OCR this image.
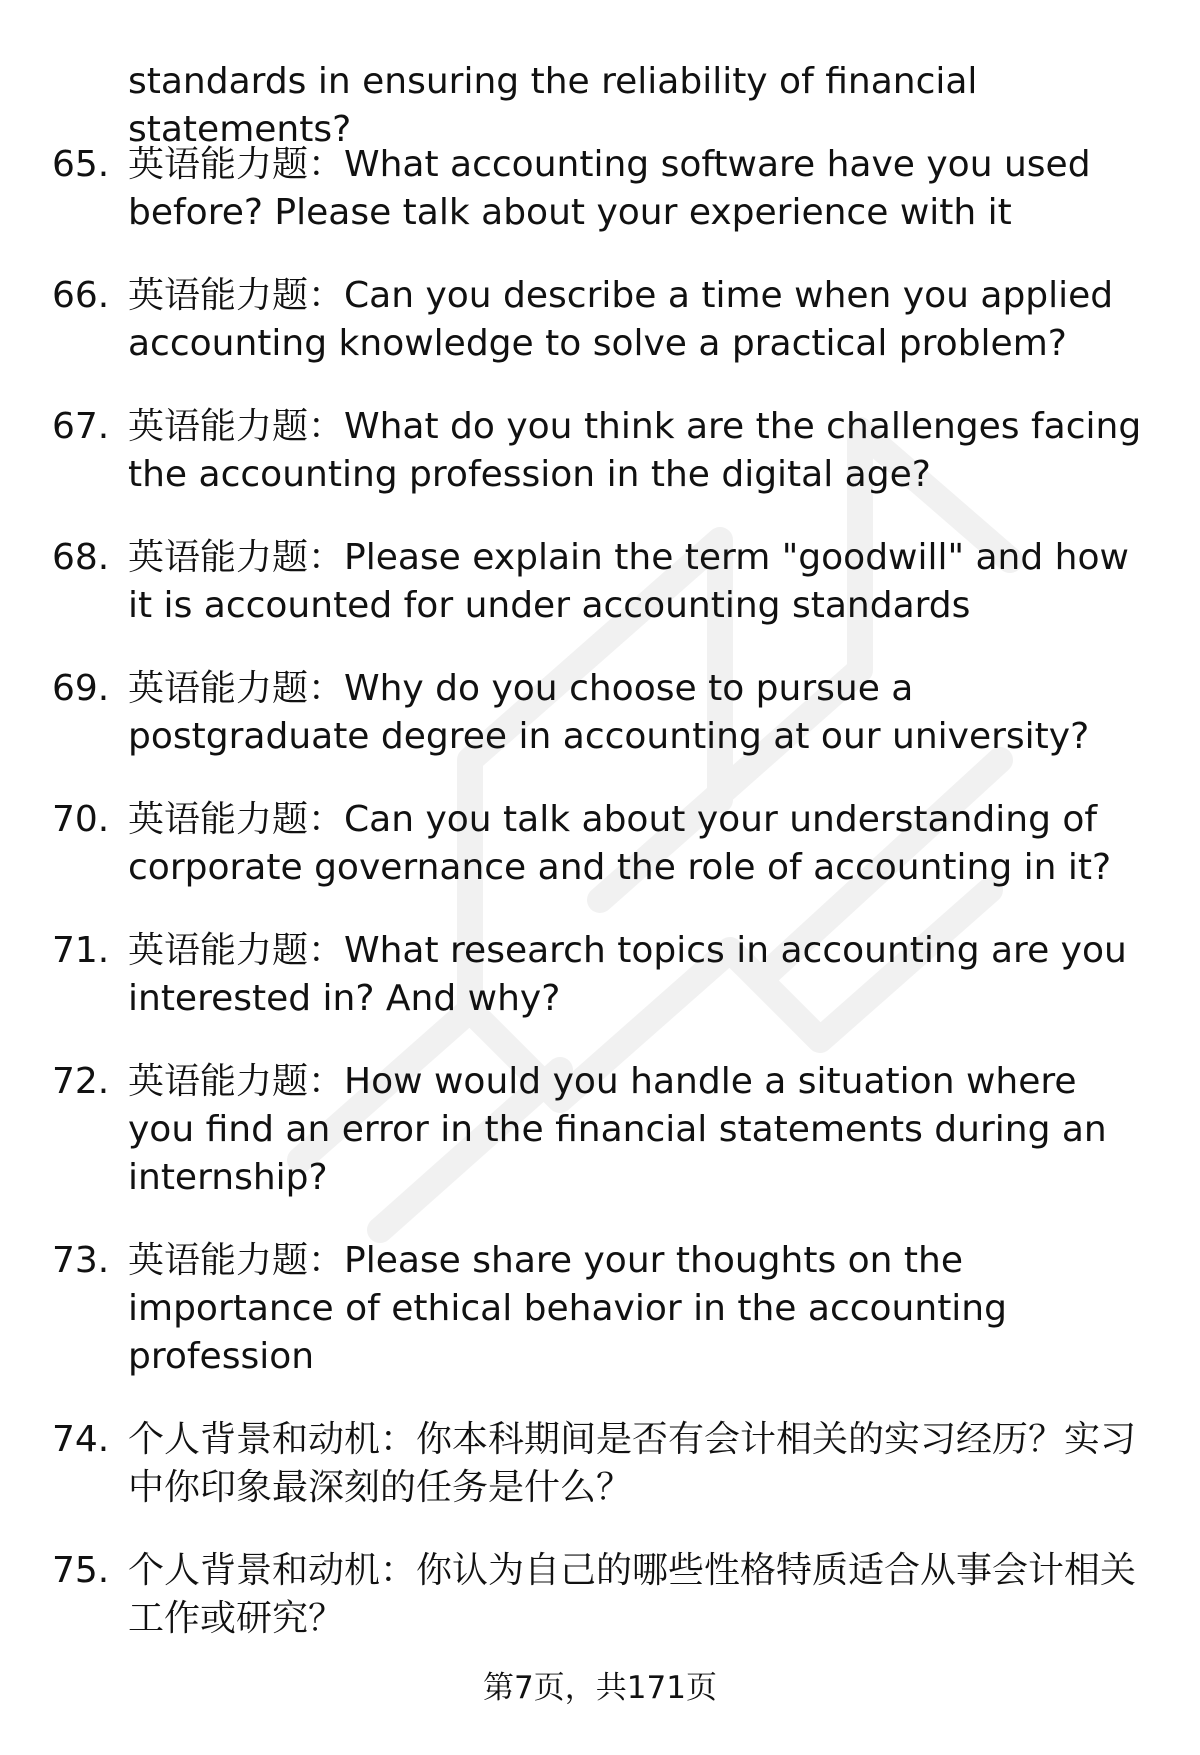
standards in ensuring the reliability of financial statements?

65. 英语能力题：What accounting software have you used before? Please talk about your experience with it
66. 英语能力题：Can you describe a time when you applied accounting knowledge to solve a practical problem?
67. 英语能力题：What do you think are the challenges facing the accounting profession in the digital age?
68. 英语能力题：Please explain the term "goodwill" and how it is accounted for under accounting standards
69. 英语能力题：Why do you choose to pursue a postgraduate degree in accounting at our university?
70. 英语能力题：Can you talk about your understanding of corporate governance and the role of accounting in it?
71. 英语能力题：What research topics in accounting are you interested in? And why?
72. 英语能力题：How would you handle a situation where you find an error in the financial statements during an internship?
73. 英语能力题：Please share your thoughts on the importance of ethical behavior in the accounting profession
74. 个人背景和动机：你本科期间是否有会计相关的实习经历？实习中你印象最深刻的任务是什么？
75. 个人背景和动机：你认为自己的哪些性格特质适合从事会计相关工作或研究？
第7页，共171页
